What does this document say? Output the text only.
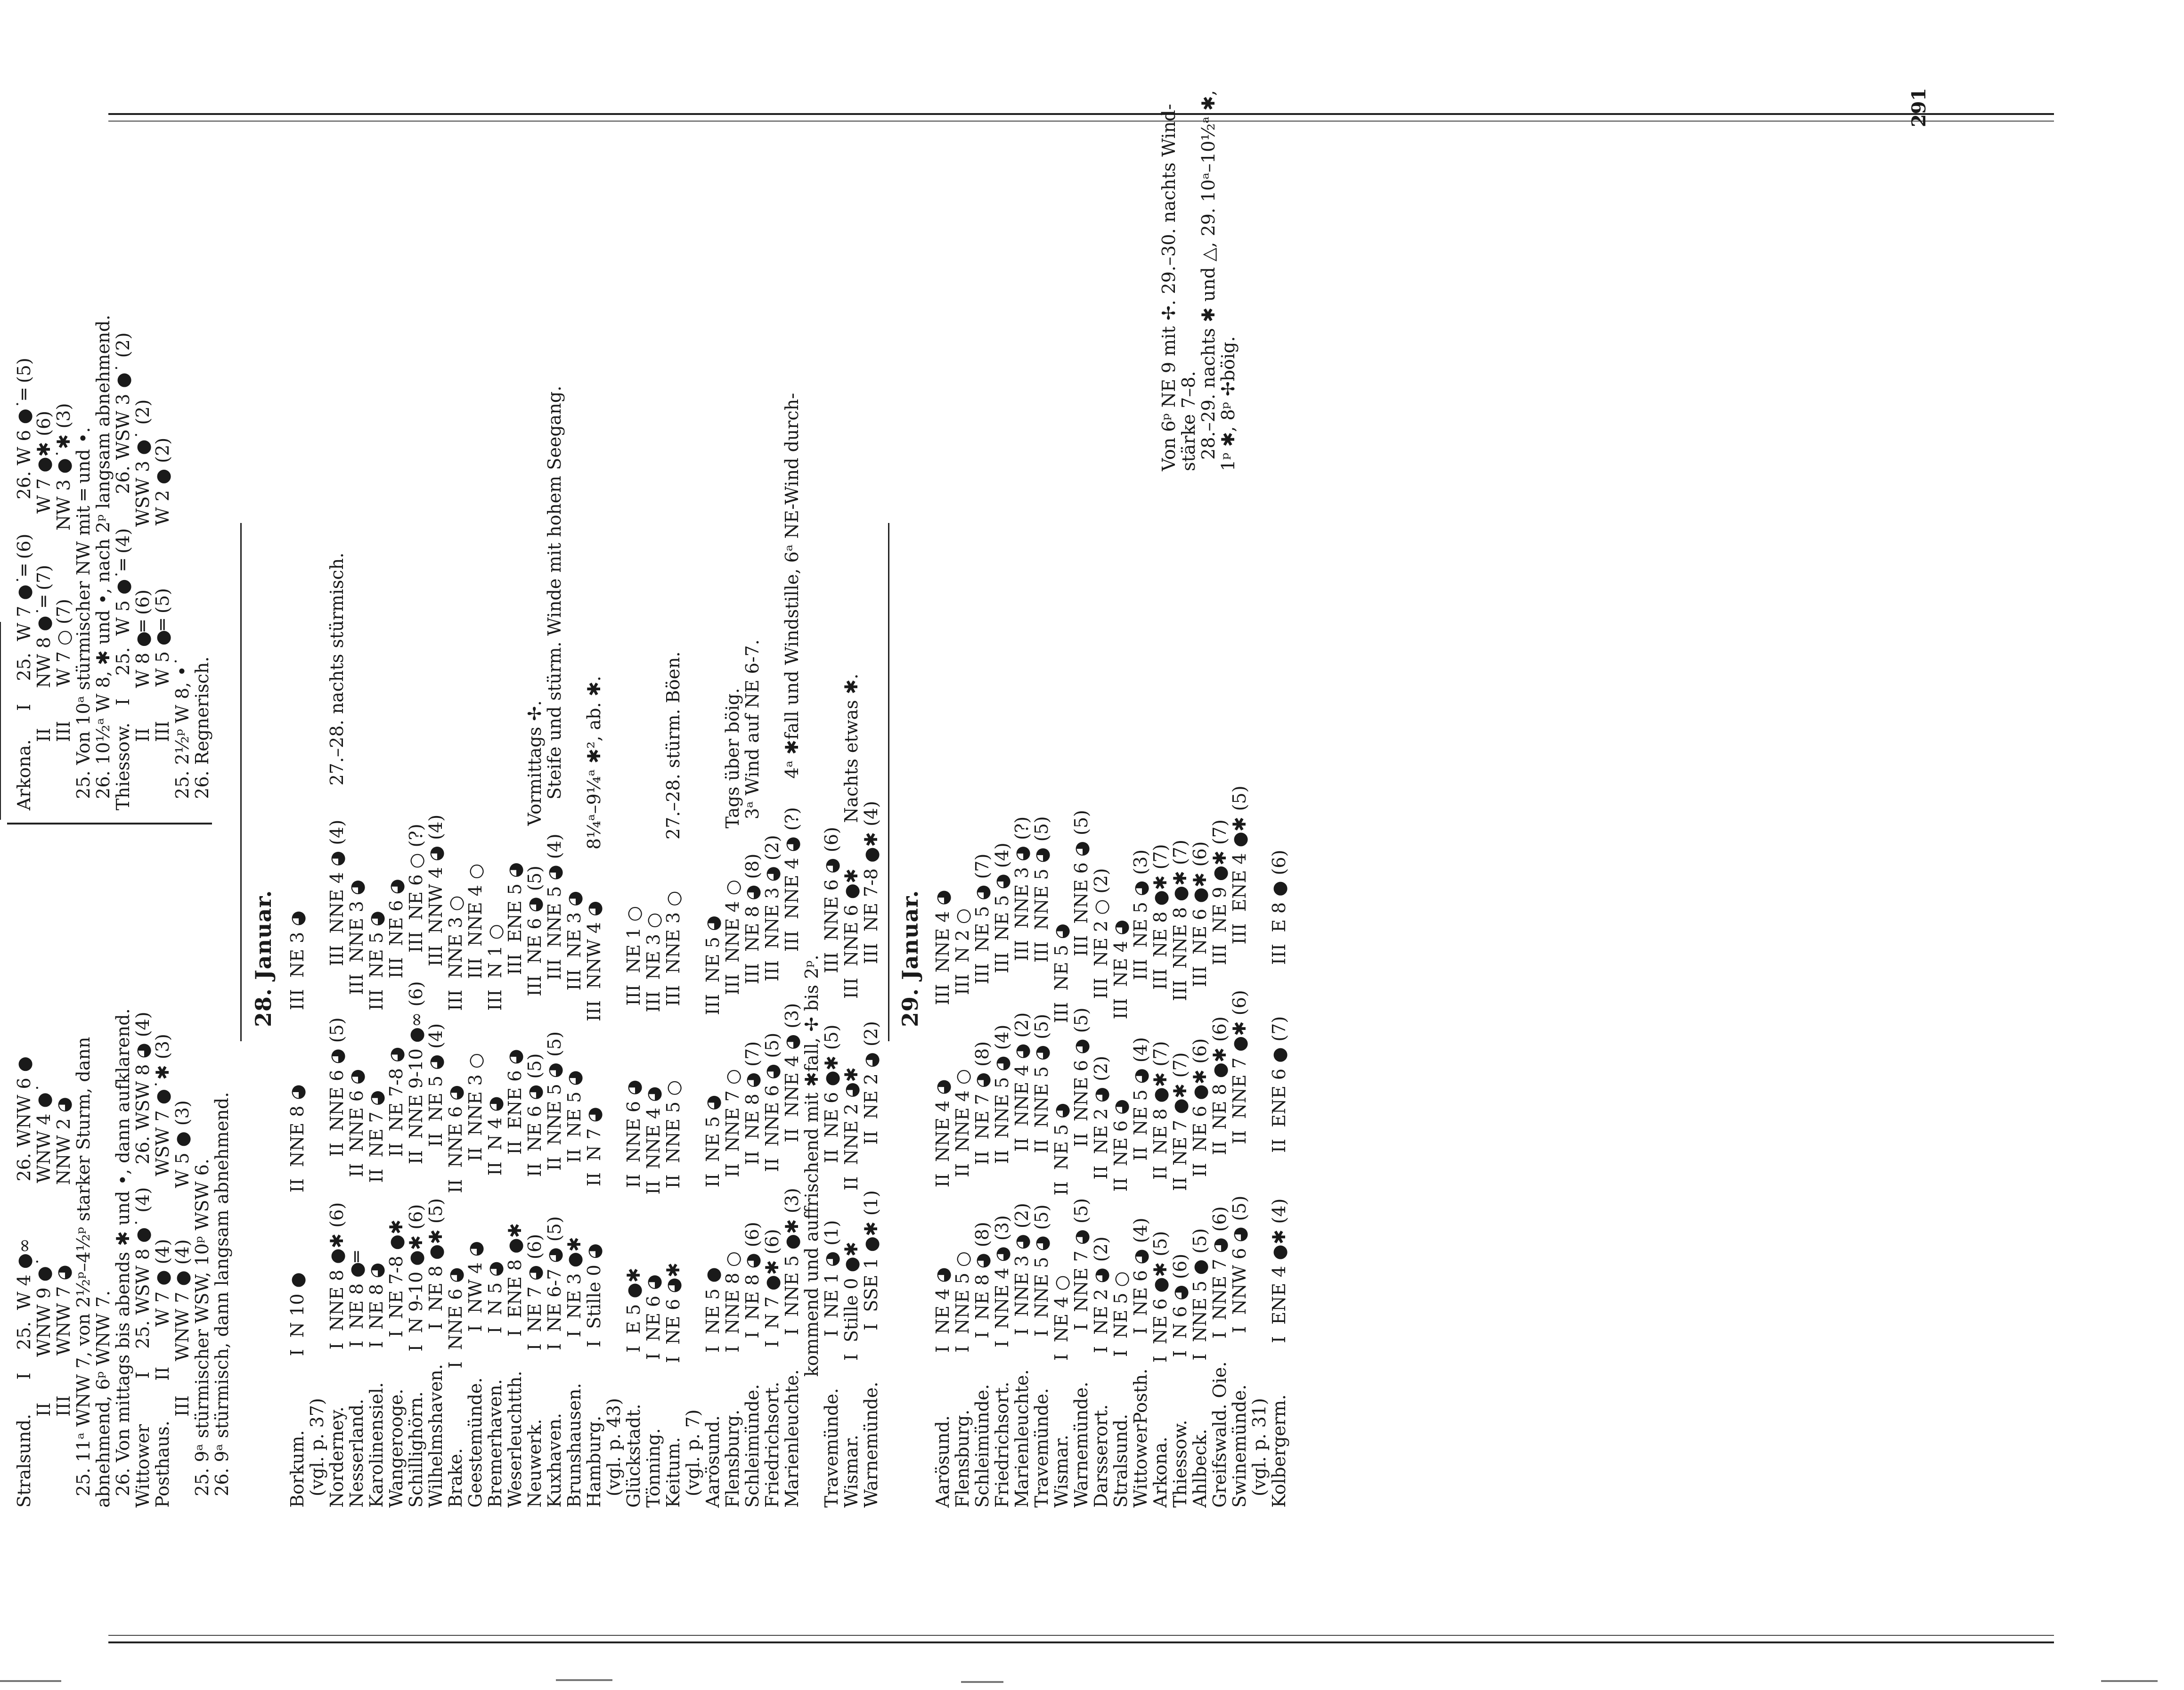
291
Stralsund.      I    25.  W 4 ●∞          26. WNW 6 ●
II        WNW 9 ●˙             WNW 4 ●˙
III       WNW 7 ◕              NNW 2 ◕
25. 11ᵃ WNW 7, von 2½ᵖ–4½ᵖ starker Sturm, dann
abnehmend, 6ᵖ WNW 7.
26. Von mittags bis abends ✱ und •, dann aufklarend.
Wittower        I    25. WSW 8 ●˙ (4)    26. WSW 8 ◕ (4)
Posthaus.       II       W 7 ● (4)           WSW 7 ●˙✱ (3)
III      WNW 7 ● (4)         W 5 ● (3)
25. 9ᵃ stürmischer WSW, 10ᵖ WSW 6.
26. 9ᵃ stürmisch, dann langsam abnehmend.
Arkona.     I    25.  W 7 ●˙═ (6)      26. W 6 ●˙═ (5)
II       NW 8 ●˙═ (7)         W 7 ●✱ (6)
III      W 7 ○ (7)            NW 3 ●˙✱ (3)
25. Von 10ᵃ stürmischer NW mit ═ und •.
26. 10½ᵃ W 8, ✱ und •, nach 2ᵖ langsam abnehmend.
Thiessow.   I    25.  W 5 ●˙═ (4)      26. WSW 3 ●˙ (2)
II       W 8 ●═ (6)           WSW 3 ●˙ (2)
III      W 5 ●═ (5)           W 2 ● (2)
25. 2½ᵖ W 8, •˙
26. Regnerisch.
28. Januar. Borkum.             I  N 10 ●              II  NNE 8 ◕             III  NE 3 ◕
(vgl. p. 37)
Norderney.          I  NNE 8 ●✱ (6)        II  NNE 6 ◕ (5)         III  NNE 4 ◕ (4)      27.–28. nachts stürmisch.
Nesserland.         I  NE 8 ●═             II  NNE 6 ◕             III  NNE 3 ◕
Karolinensiel.      I  NE 8 ◕              II  NE 7 ◕              III  NE 5 ◕
Wangerooge.         I  NE 7-8 ●✱           II  NE 7-8 ◕            III  NE 6 ◕
Schillighörn.       I  N 9-10 ●✱ (6)       II  NNE 9-10 ●∞ (6)     III  NE 6 ○ (?)
Wilhelmshaven.      I  NE 8 ●✱ (5)         II  NE 5 ◕ (4)          III  NNW 4 ◕ (4)
Brake.              I  NNE 6 ◕             II  NNE 6 ◕             III  NNE 3 ○
Geestemünde.        I  NW 4 ◕              II  NNE 3 ○             III  NNE 4 ○
Bremerhaven.        I  N 5 ◕               II  N 4 ◕               III  N 1 ○
Weserleuchtth.      I  ENE 8 ●✱            II  ENE 6 ◕             III  ENE 5 ◕
Neuwerk.            I  NE 7 ◕ (6)          II  NE 6 ◕ (5)          III  NE 6 ◕ (5)       Vormittags ✢.
Kuxhaven.           I  NE 6-7 ◕ (5)        II  NNE 5 ◕ (5)         III  NNE 5 ◕ (4)      Steife und stürm. Winde mit hohem Seegang.
Brunshausen.        I  NE 3 ●✱             II  NE 5 ◕              III  NE 3 ◕
Hamburg.            I  Stille 0 ◕          II  N 7 ◕               III  NNW 4 ◕         8¼ᵃ–9¼ᵃ ✱², ab. ✱.
(vgl. p. 43)
Glückstadt.         I  E 5 ●✱              II  NNE 6 ◕             III  NE 1 ○
Tönning.            I  NE 6 ◕              II  NNE 4 ◕             III  NE 3 ○
Keitum.             I  NE 6 ◕✱             II  NNE 5 ○             III  NNE 3 ○         27.–28. stürm. Böen.
(vgl. p. 7)
Aarösund.           I  NE 5 ●              II  NE 5 ◕              III  NE 5 ◕
Flensburg.          I  NNE 8 ○             II  NNE 7 ○             III  NNE 4 ○         Tags über böig.
Schleimünde.        I  NE 8 ◕ (6)          II  NE 8 ◕ (7)          III  NE 8 ◕ (8)      3ᵃ Wind auf NE 6-7.
Friedrichsort.      I  N 7 ●✱ (6)          II  NNE 6 ◕ (5)         III  NNE 3 ◕ (2)
Marienleuchte.      I  NNE 5 ●✱ (3)        II  NNE 4 ◕ (3)         III  NNE 4 ◕ (?)     4ᵃ ✱fall und Windstille, 6ᵃ NE-Wind durch-
kommend und auffrischend mit ✱fall, ✢ bis 2ᵖ.
Travemünde.         I  NE 1 ◕ (1)          II  NE 6 ●✱ (5)         III  NNE 6 ◕ (6)
Wismar.             I  Stille 0 ●✱         II  NNE 2 ◕✱            III  NNE 6 ●✱        Nachts etwas ✱.
Warnemünde.         I  SSE 1 ●✱ (1)        II  NE 2 ◕ (2)          III  NE 7-8 ●✱ (4) 29. Januar. Aarösund.           I  NE 4 ◕              II  NNE 4 ◕             III  NNE 4 ◕
Flensburg.          I  NNE 5 ○             II  NNE 4 ○             III  N 2 ○
Schleimünde.        I  NE 8 ◕ (8)          II  NE 7 ◕ (8)          III  NE 5 ◕ (7)
Friedrichsort.      I  NNE 4 ◕ (3)         II  NNE 5 ◕ (4)         III  NE 5 ◕ (4)
Marienleuchte.      I  NNE 3 ◕ (2)         II  NNE 4 ◕ (2)         III  NNE 3 ◕ (?)
Travemünde.         I  NNE 5 ◕ (5)         II  NNE 5 ◕ (5)         III  NNE 5 ◕ (5)
Wismar.             I  NE 4 ○              II  NE 5 ◕              III  NE 5 ◕
Warnemünde.         I  NNE 7 ◕ (5)         II  NNE 6 ◕ (5)         III  NNE 6 ◕ (5)
Darsserort.         I  NE 2 ◕ (2)          II  NE 2 ◕ (2)          III  NE 2 ○ (2)
Stralsund.          I  NE 5 ○              II  NE 6 ◕              III  NE 4 ◕
WittowerPosth.      I  NE 6 ◕ (4)          II  NE 5 ◕ (4)          III  NE 5 ◕ (3)
Arkona.             I  NE 6 ●✱ (5)         II  NE 8 ●✱ (7)         III  NE 8 ●✱ (7)
Thiessow.           I  N 6 ◕ (6)           II  NE 7 ●✱ (7)         III  NNE 8 ●✱ (7)
Ahlbeck.            I  NNE 5 ● (5)         II  NE 6 ●✱ (6)         III  NE 6 ●✱ (6)
Greifswald. Oie.    I  NNE 7 ◕ (6)         II  NE 8 ●✱ (6)         III  NE 9 ●✱ (7)
Swinemünde.         I  NNW 6 ◕ (5)         II  NNE 7 ●✱ (6)        III  ENE 4 ●✱ (5)
(vgl. p. 31)
Kolbergerm.         I  ENE 4 ●✱ (4)        II  ENE 6 ● (7)         III  E 8 ● (6)
Von 6ᵖ NE 9 mit ✢. 29.–30. nachts Wind-
stärke 7–8.
28.–29. nachts ✱ und △, 29. 10ᵃ–10½ᵃ ✱,
1ᵖ ✱, 8ᵖ ✢böig.
